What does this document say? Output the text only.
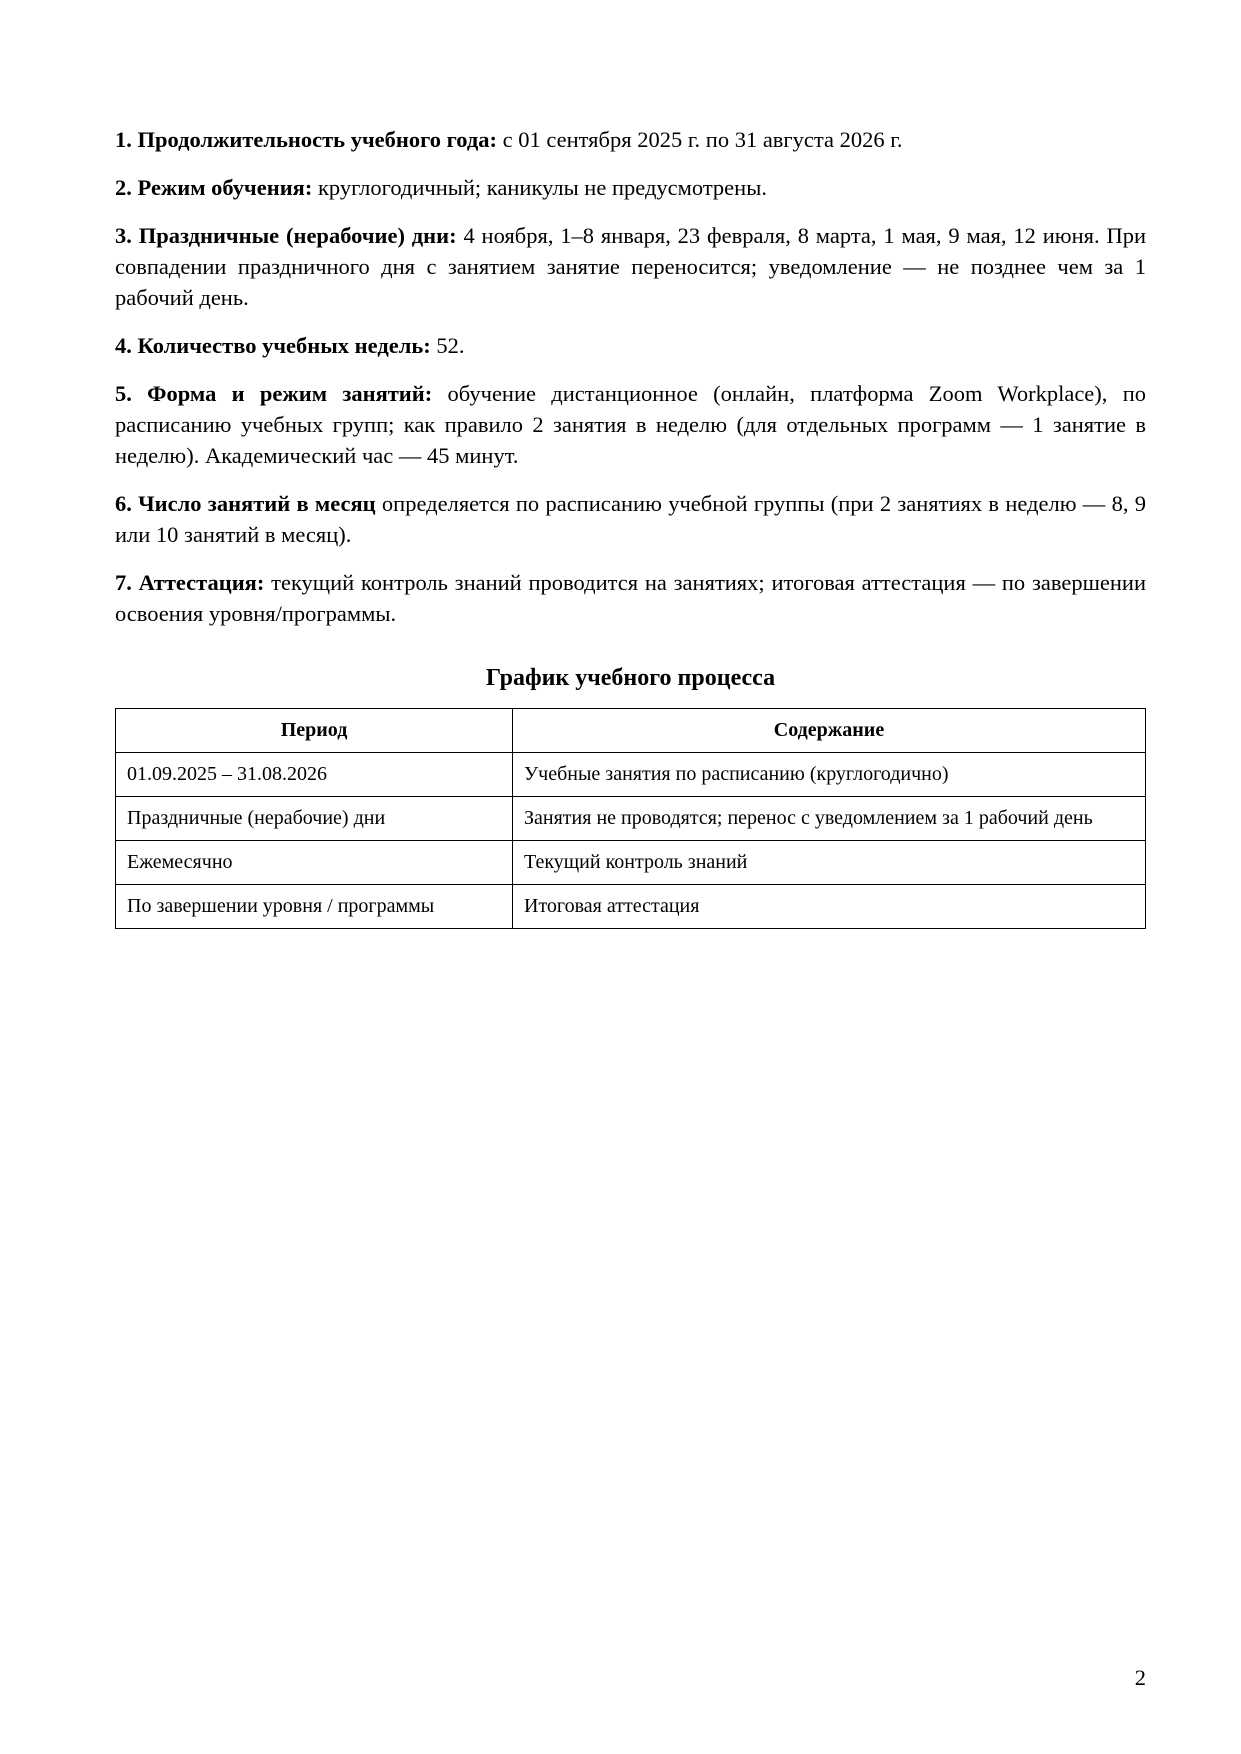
1. Продолжительность учебного года: с 01 сентября 2025 г. по 31 августа 2026 г.

2. Режим обучения: круглогодичный; каникулы не предусмотрены.

3. Праздничные (нерабочие) дни: 4 ноября, 1–8 января, 23 февраля, 8 марта, 1 мая, 9 мая, 12 июня. При совпадении праздничного дня с занятием занятие переносится; уведомление — не позднее чем за 1 рабочий день.

4. Количество учебных недель: 52.

5. Форма и режим занятий: обучение дистанционное (онлайн, платформа Zoom Workplace), по расписанию учебных групп; как правило 2 занятия в неделю (для отдельных программ — 1 занятие в неделю). Академический час — 45 минут.

6. Число занятий в месяц определяется по расписанию учебной группы (при 2 занятиях в неделю — 8, 9 или 10 занятий в месяц).

7. Аттестация: текущий контроль знаний проводится на занятиях; итоговая аттестация — по завершении освоения уровня/программы.

График учебного процесса
Период	Содержание
01.09.2025 – 31.08.2026	Учебные занятия по расписанию (круглогодично)
Праздничные (нерабочие) дни	Занятия не проводятся; перенос с уведомлением за 1 рабочий день
Ежемесячно	Текущий контроль знаний
По завершении уровня / программы	Итоговая аттестация
2
